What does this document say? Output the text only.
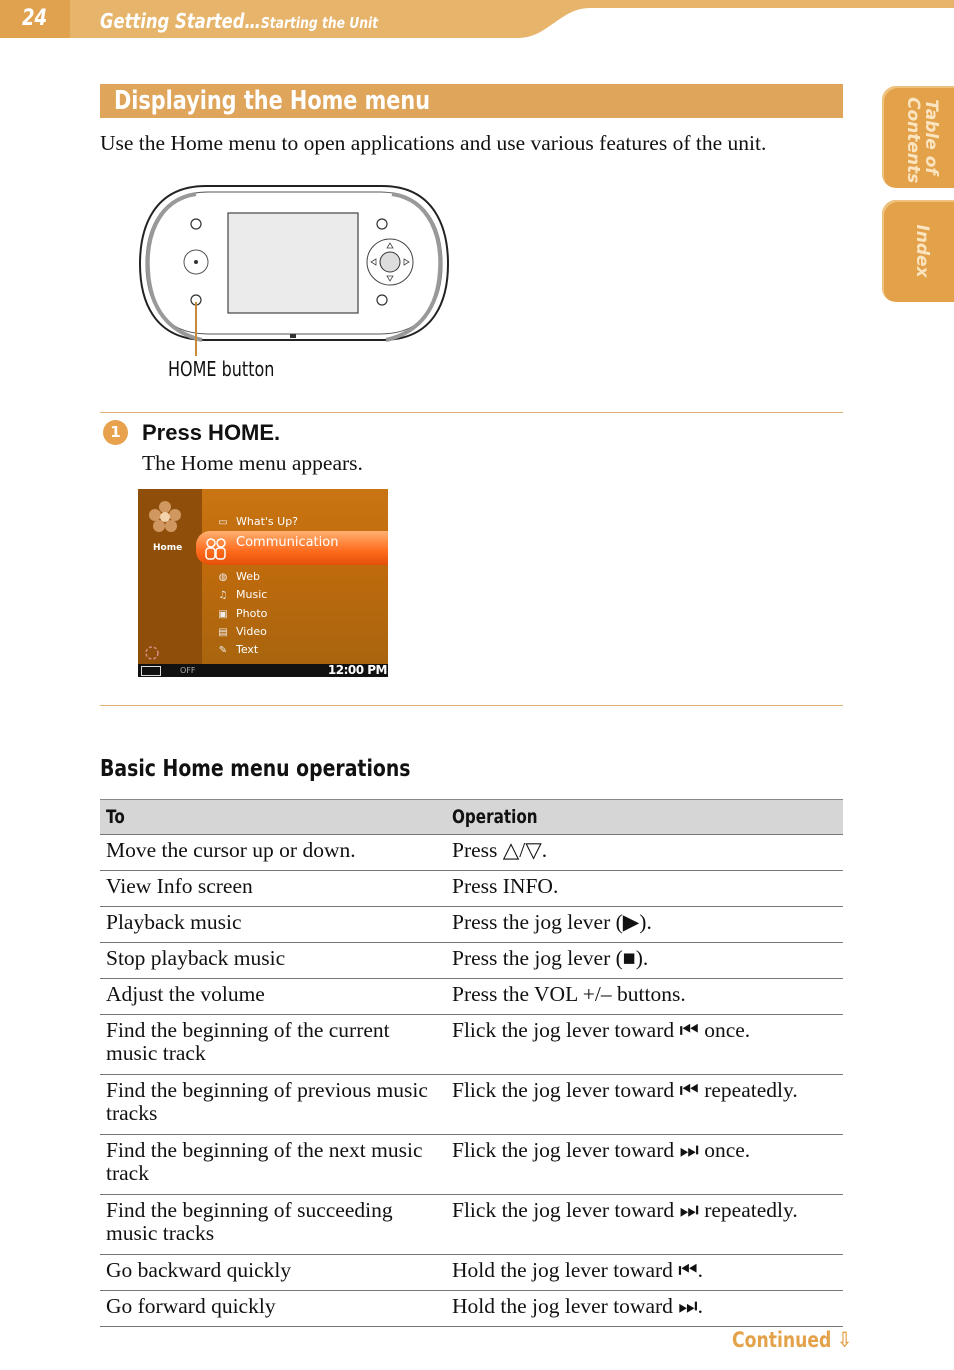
24	Getting Started…Starting the Unit
Table of Contents
Index
Displaying the Home menu
Use the Home menu to open applications and use various features of the unit.
HOME button
1 Press HOME.
The Home menu appears.
Home
▭ What's Up?
Communication
◍ Web
♫ Music
▣ Photo
▤ Video
✎ Text
OFF	12:00 PM
Basic Home menu operations
To	Operation
Move the cursor up or down.	Press △/▽.
View Info screen	Press INFO.
Playback music	Press the jog lever (▶).
Stop playback music	Press the jog lever (■).
Adjust the volume	Press the VOL +/– buttons.
Find the beginning of the current music track	Flick the jog lever toward ⏮ once.
Find the beginning of previous music tracks	Flick the jog lever toward ⏮ repeatedly.
Find the beginning of the next music track	Flick the jog lever toward ⏭ once.
Find the beginning of succeeding music tracks	Flick the jog lever toward ⏭ repeatedly.
Go backward quickly	Hold the jog lever toward ⏮.
Go forward quickly	Hold the jog lever toward ⏭.
Continued ⇩
